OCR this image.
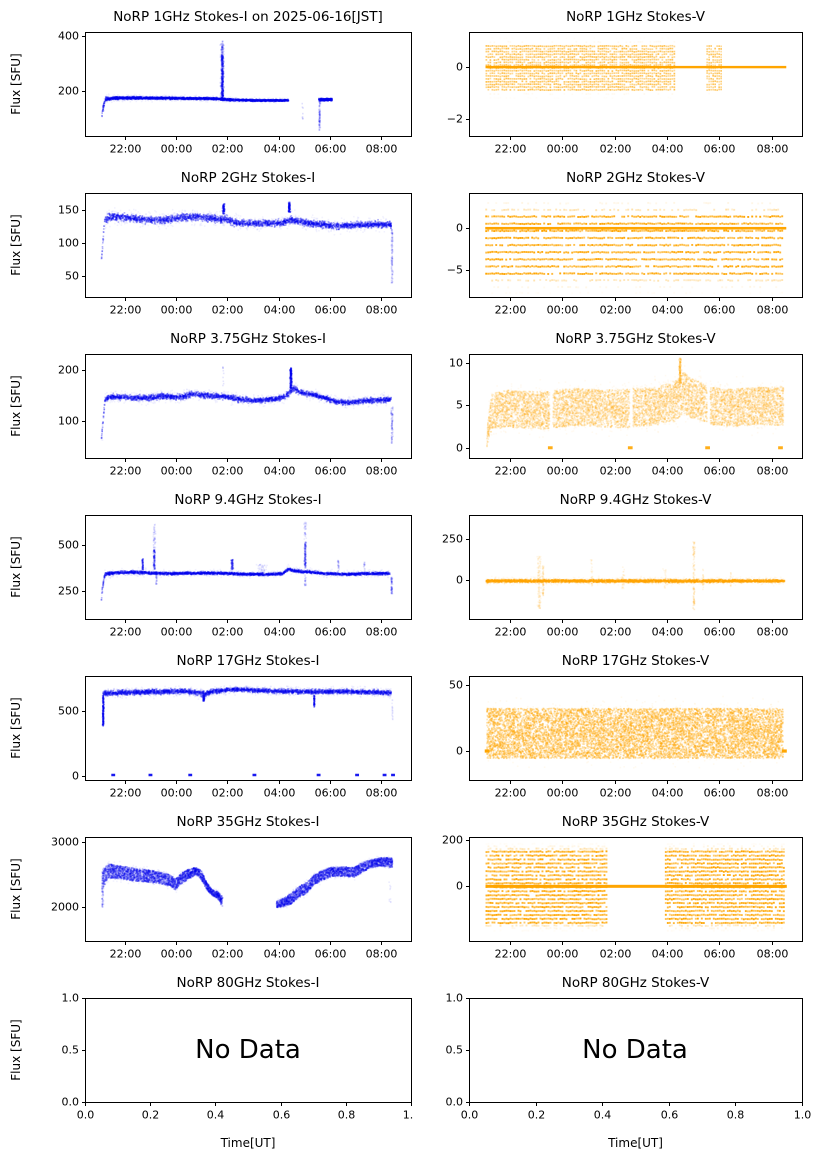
NoRP 1GHz Stokes-I on 2025-06-16[JST]
Flux [SFU]
NoRP 1GHz Stokes-V
NoRP 2GHz Stokes-I
Flux [SFU]
NoRP 2GHz Stokes-V
NoRP 3.75GHz Stokes-I
Flux [SFU]
NoRP 3.75GHz Stokes-V
NoRP 9.4GHz Stokes-I
Flux [SFU]
NoRP 9.4GHz Stokes-V
NoRP 17GHz Stokes-I
Flux [SFU]
NoRP 17GHz Stokes-V
NoRP 35GHz Stokes-I
Flux [SFU]
NoRP 35GHz Stokes-V
NoRP 80GHz Stokes-I
Flux [SFU]	No Data
Time[UT]
NoRP 80GHz Stokes-V
No Data
Time[UT]
